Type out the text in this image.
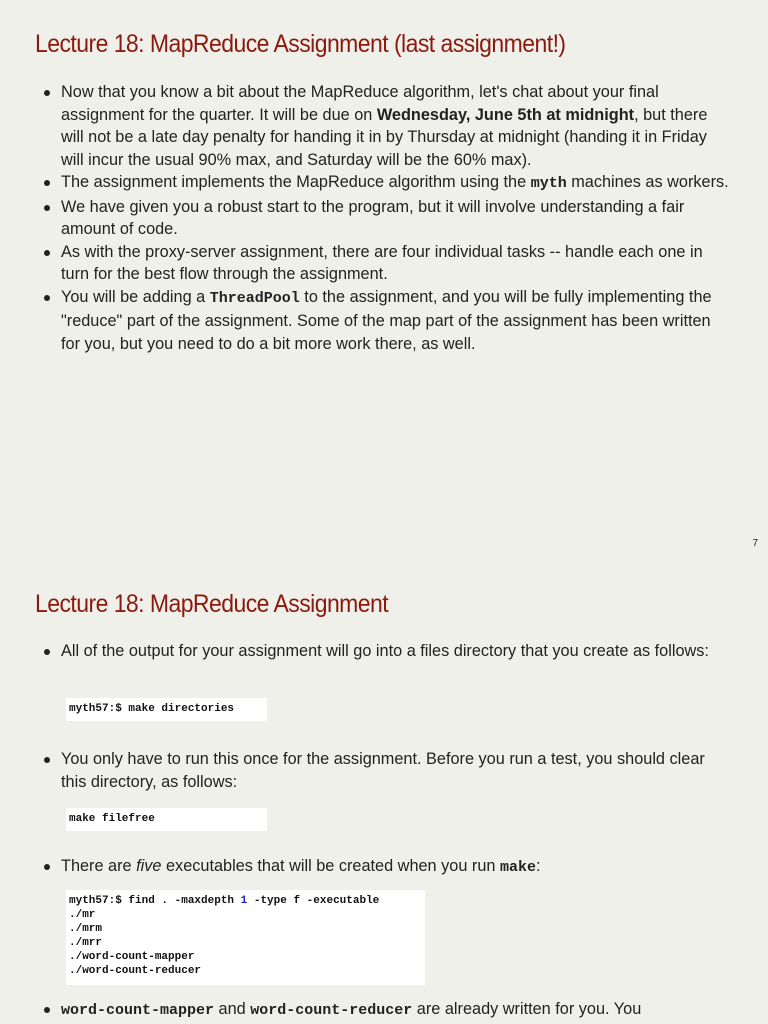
Lecture 18: MapReduce Assignment (last assignment!)
Now that you know a bit about the MapReduce algorithm, let's chat about your final assignment for the quarter. It will be due on Wednesday, June 5th at midnight, but there will not be a late day penalty for handing it in by Thursday at midnight (handing it in Friday will incur the usual 90% max, and Saturday will be the 60% max).
The assignment implements the MapReduce algorithm using the myth machines as workers.
We have given you a robust start to the program, but it will involve understanding a fair amount of code.
As with the proxy-server assignment, there are four individual tasks -- handle each one in turn for the best flow through the assignment.
You will be adding a ThreadPool to the assignment, and you will be fully implementing the "reduce" part of the assignment. Some of the map part of the assignment has been written for you, but you need to do a bit more work there, as well.
7
Lecture 18: MapReduce Assignment
All of the output for your assignment will go into a files directory that you create as follows:
myth57:$ make directories
You only have to run this once for the assignment. Before you run a test, you should clear this directory, as follows:
make filefree
There are five executables that will be created when you run make:
myth57:$ find . -maxdepth 1 -type f -executable
./mr
./mrm
./mrr
./word-count-mapper
./word-count-reducer
word-count-mapper and word-count-reducer are already written for you. You
